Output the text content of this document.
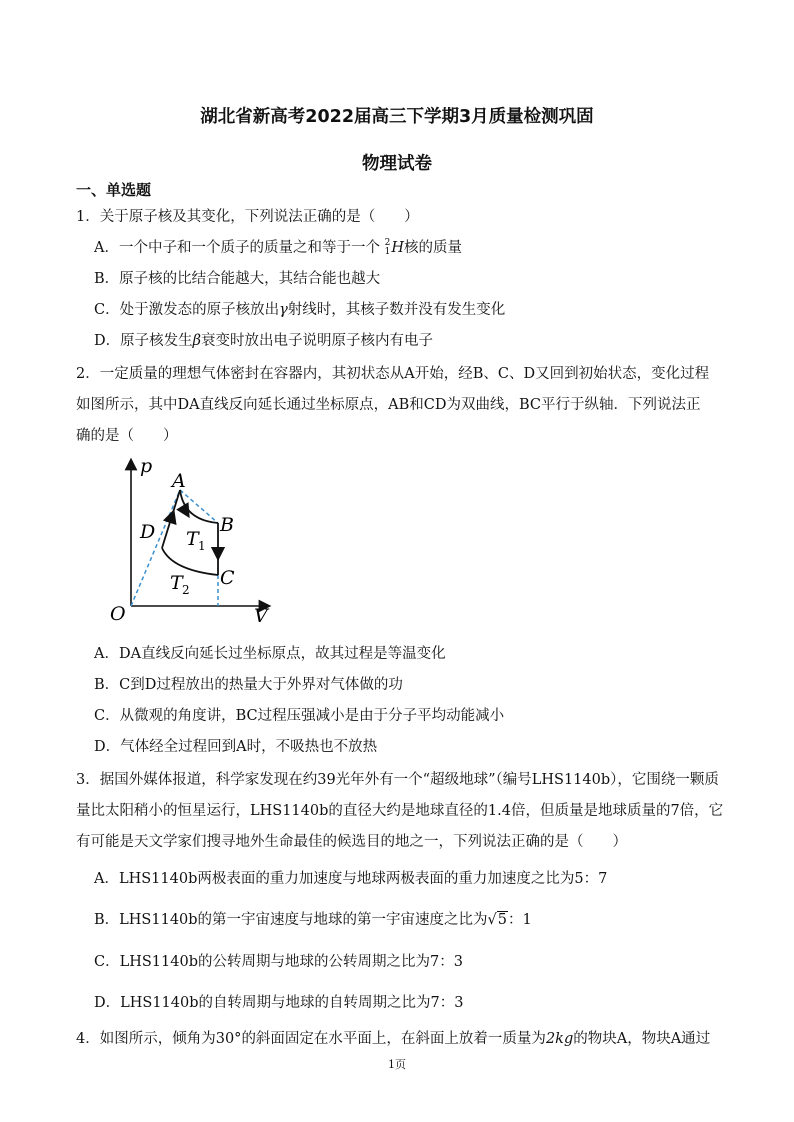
湖北省新高考2022届高三下学期3月质量检测巩固
物理试卷
一、单选题
1．关于原子核及其变化，下列说法正确的是（　　）
A．一个中子和一个质子的质量之和等于一个 2
1H核的质量
B．原子核的比结合能越大，其结合能也越大
C．处于激发态的原子核放出γ射线时，其核子数并没有发生变化
D．原子核发生β衰变时放出电子说明原子核内有电子
2．一定质量的理想气体密封在容器内，其初状态从A开始，经B、C、D又回到初始状态，变化过程
如图所示，其中DA直线反向延长通过坐标原点，AB和CD为双曲线，BC平行于纵轴．下列说法正
确的是（　　）
p
V
O
A
B
C
D T 1
T 2
A．DA直线反向延长过坐标原点，故其过程是等温变化
B．C到D过程放出的热量大于外界对气体做的功
C．从微观的角度讲，BC过程压强减小是由于分子平均动能减小
D．气体经全过程回到A时，不吸热也不放热
3．据国外媒体报道，科学家发现在约39光年外有一个“超级地球”（编号LHS1140b），它围绕一颗质
量比太阳稍小的恒星运行，LHS1140b的直径大约是地球直径的1.4倍，但质量是地球质量的7倍，它
有可能是天文学家们搜寻地外生命最佳的候选目的地之一，下列说法正确的是（　　）
A．LHS1140b两极表面的重力加速度与地球两极表面的重力加速度之比为5：7
B．LHS1140b的第一宇宙速度与地球的第一宇宙速度之比为√5：1
C．LHS1140b的公转周期与地球的公转周期之比为7：3
D．LHS1140b的自转周期与地球的自转周期之比为7：3
4．如图所示，倾角为30°的斜面固定在水平面上，在斜面上放着一质量为2kg的物块A，物块A通过
1页
